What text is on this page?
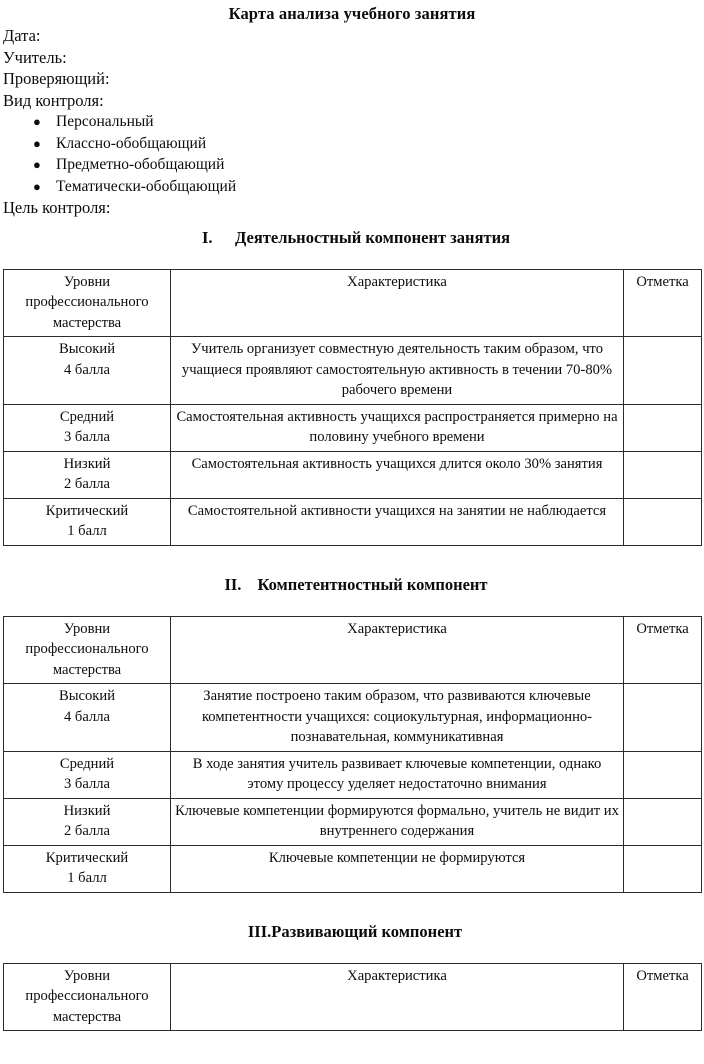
Карта анализа учебного занятия
Дата:
Учитель:
Проверяющий:
Вид контроля:
● Персональный
● Классно-обобщающий
● Предметно-обобщающий
● Тематически-обобщающий
Цель контроля:
I.	Деятельностный компонент занятия
Уровни профессионального мастерства	Характеристика	Отметка

Высокий
4 балла	Учитель организует совместную деятельность таким образом, что учащиеся проявляют самостоятельную активность в течении 70-80% рабочего времени	

Средний
3 балла	Самостоятельная активность учащихся распространяется примерно на половину учебного времени	

Низкий
2 балла	Самостоятельная активность учащихся длится около 30% занятия	

Критический
1 балл	Самостоятельной активности учащихся на занятии не наблюдается	
II.	Компетентностный компонент
Уровни профессионального мастерства	Характеристика	Отметка

Высокий
4 балла	Занятие построено таким образом, что развиваются ключевые компетентности учащихся: социокультурная, информационно-познавательная, коммуникативная	

Средний
3 балла	В ходе занятия учитель развивает ключевые компетенции, однако этому процессу уделяет недостаточно внимания	

Низкий
2 балла	Ключевые компетенции формируются формально, учитель не видит их внутреннего содержания	

Критический
1 балл	Ключевые компетенции не формируются	
III.Развивающий компонент
Уровни профессионального мастерства	Характеристика	Отметка
